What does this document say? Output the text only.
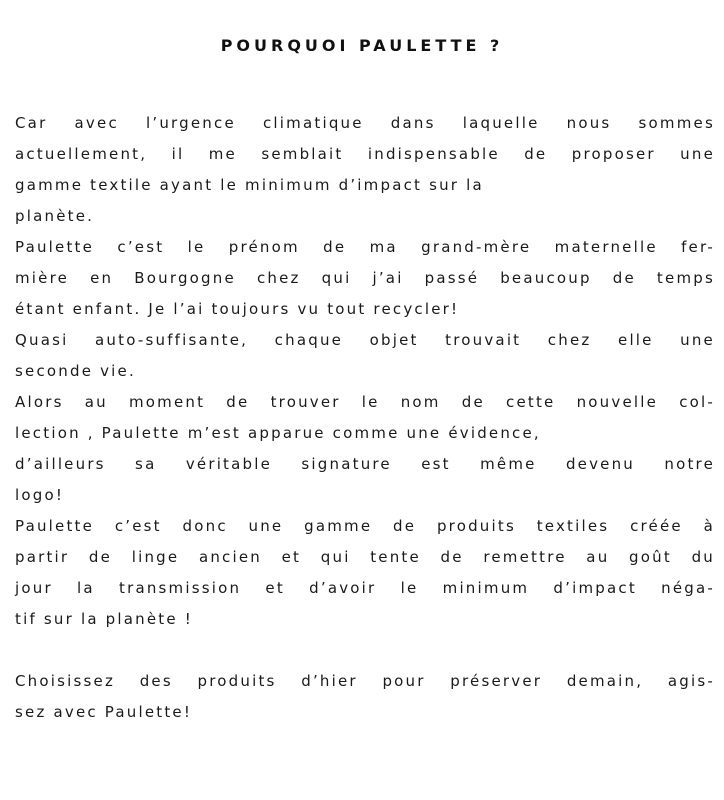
POURQUOI PAULETTE ?
Car avec l’urgence climatique dans laquelle nous sommes
actuellement, il me semblait indispensable de proposer une
gamme textile ayant le minimum d’impact sur la
planète.
Paulette c’est le prénom de ma grand-mère maternelle fer-
mière en Bourgogne chez qui j’ai passé beaucoup de temps
étant enfant. Je l’ai toujours vu tout recycler!
Quasi auto-suffisante, chaque objet trouvait chez elle une
seconde vie.
Alors au moment de trouver le nom de cette nouvelle col-
lection , Paulette m’est apparue comme une évidence,
d’ailleurs sa véritable signature est même devenu notre
logo!
Paulette c’est donc une gamme de produits textiles créée à
partir de linge ancien et qui tente de remettre au goût du
jour la transmission et d’avoir le minimum d’impact néga-
tif sur la planète !
Choisissez des produits d’hier pour préserver demain, agis-
sez avec Paulette!
